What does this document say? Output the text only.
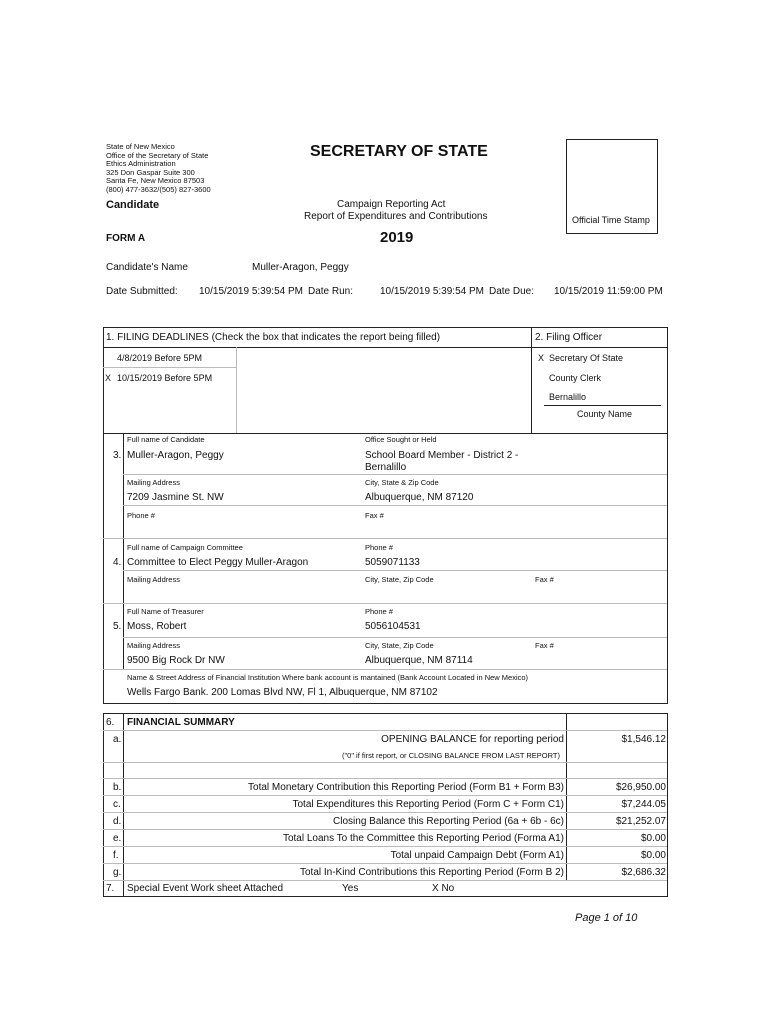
State of New Mexico
Office of the Secretary of State
Ethics Administration
325 Don Gaspar Suite 300
Santa Fe, New Mexico 87503
(800) 477-3632/(505) 827-3600
SECRETARY OF STATE
Candidate	Campaign Reporting Act
Report of Expenditures and Contributions
FORM A	2019
Official Time Stamp
Candidate's Name	Muller-Aragon, Peggy
Date Submitted: 10/15/2019 5:39:54 PM Date Run:	10/15/2019 5:39:54 PM Date Due: 10/15/2019 11:59:00 PM
1. FILING DEADLINES (Check the box that indicates the report being filled)	2. Filing Officer
4/8/2019 Before 5PM
X 10/15/2019 Before 5PM
X Secretary Of State
County Clerk
Bernalillo
County Name
3.
Full name of Candidate
Muller-Aragon, Peggy
Office Sought or Held
School Board Member - District 2 -
Bernalillo
Mailing Address
7209 Jasmine St. NW
City, State & Zip Code
Albuquerque, NM 87120
Phone #	Fax #
4.
Full name of Campaign Committee
Committee to Elect Peggy Muller-Aragon
Phone #
5059071133
Mailing Address	City, State, Zip Code	Fax #
5.
Full Name of Treasurer
Moss, Robert
Phone #
5056104531
Mailing Address
9500 Big Rock Dr NW
City, State, Zip Code
Albuquerque, NM 87114
Fax #
Name & Street Address of Financial Institution Where bank account is mantained (Bank Account Located in New Mexico)
Wells Fargo Bank. 200 Lomas Blvd NW, Fl 1, Albuquerque, NM 87102
6. FINANCIAL SUMMARY
a.	OPENING BALANCE for reporting period
("0" if first report, or CLOSING BALANCE FROM LAST REPORT)
$1,546.12
b.	Total Monetary Contribution this Reporting Period (Form B1 + Form B3)	$26,950.00
c.	Total Expenditures this Reporting Period (Form C + Form C1)	$7,244.05
d.	Closing Balance this Reporting Period (6a + 6b - 6c)	$21,252.07
e.	Total Loans To the Committee this Reporting Period (Forma A1)	$0.00
f.	Total unpaid Campaign Debt (Form A1)	$0.00
g.	Total In-Kind Contributions this Reporting Period (Form B 2)	$2,686.32
7. Special Event Work sheet Attached	Yes	X No
Page 1 of 10
